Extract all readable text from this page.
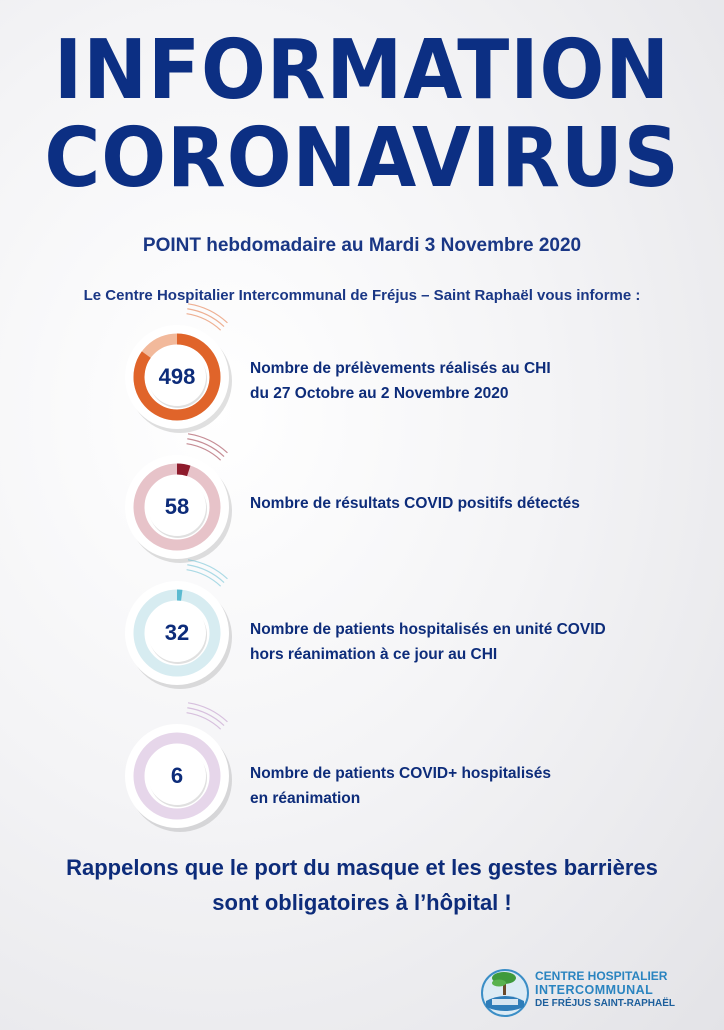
INFORMATION
CORONAVIRUS
POINT hebdomadaire au Mardi 3 Novembre 2020
Le Centre Hospitalier Intercommunal de Fréjus – Saint Raphaël vous informe :
498	Nombre de prélèvements réalisés au CHI
du 27 Octobre au 2 Novembre 2020
58	Nombre de résultats COVID positifs détectés
32	Nombre de patients hospitalisés en unité COVID
hors réanimation à ce jour au CHI
6	Nombre de patients COVID+ hospitalisés
en réanimation
Rappelons que le port du masque et les gestes barrières
sont obligatoires à l’hôpital !
CENTRE HOSPITALIER
INTERCOMMUNAL
DE FRÉJUS SAINT-RAPHAËL
